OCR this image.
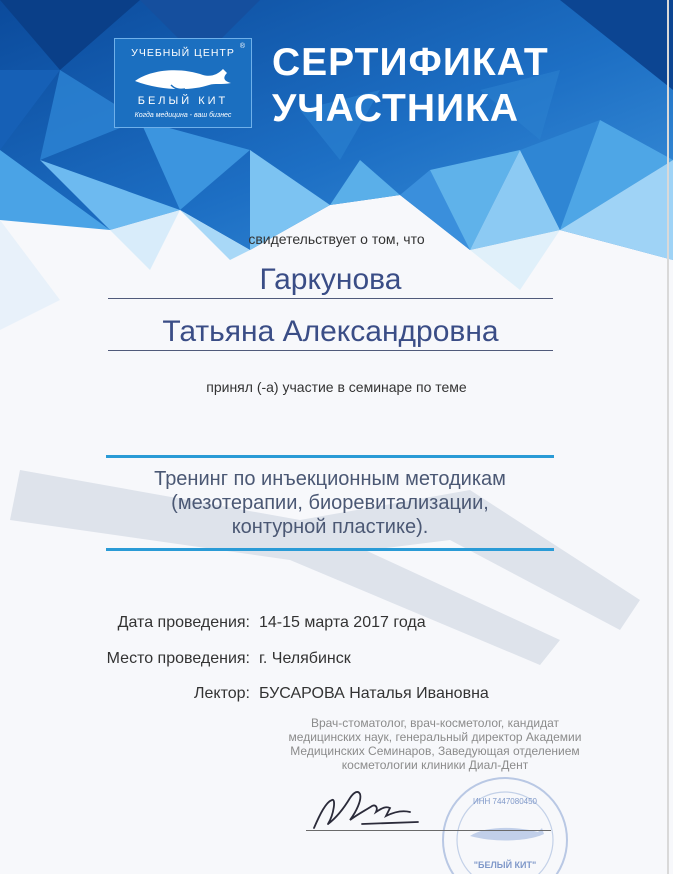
УЧЕБНЫЙ ЦЕНТР
®
БЕЛЫЙ КИТ
Когда медицина - ваш бизнес
СЕРТИФИКАТ
УЧАСТНИКА
свидетельствует о том, что
Гаркунова
Татьяна Александровна
принял (-а) участие в семинаре по теме
Тренинг по инъекционным методикам
(мезотерапии, биоревитализации,
контурной пластике).
Дата проведения: 14-15 марта 2017 года
Место проведения: г. Челябинск
Лектор: БУСАРОВА Наталья Ивановна
Врач-стоматолог, врач-косметолог, кандидат
медицинских наук, генеральный директор Академии
Медицинских Семинаров, Заведующая отделением
косметологии клиники Диал-Дент
ИНН 7447080450
"БЕЛЫЙ КИТ"
